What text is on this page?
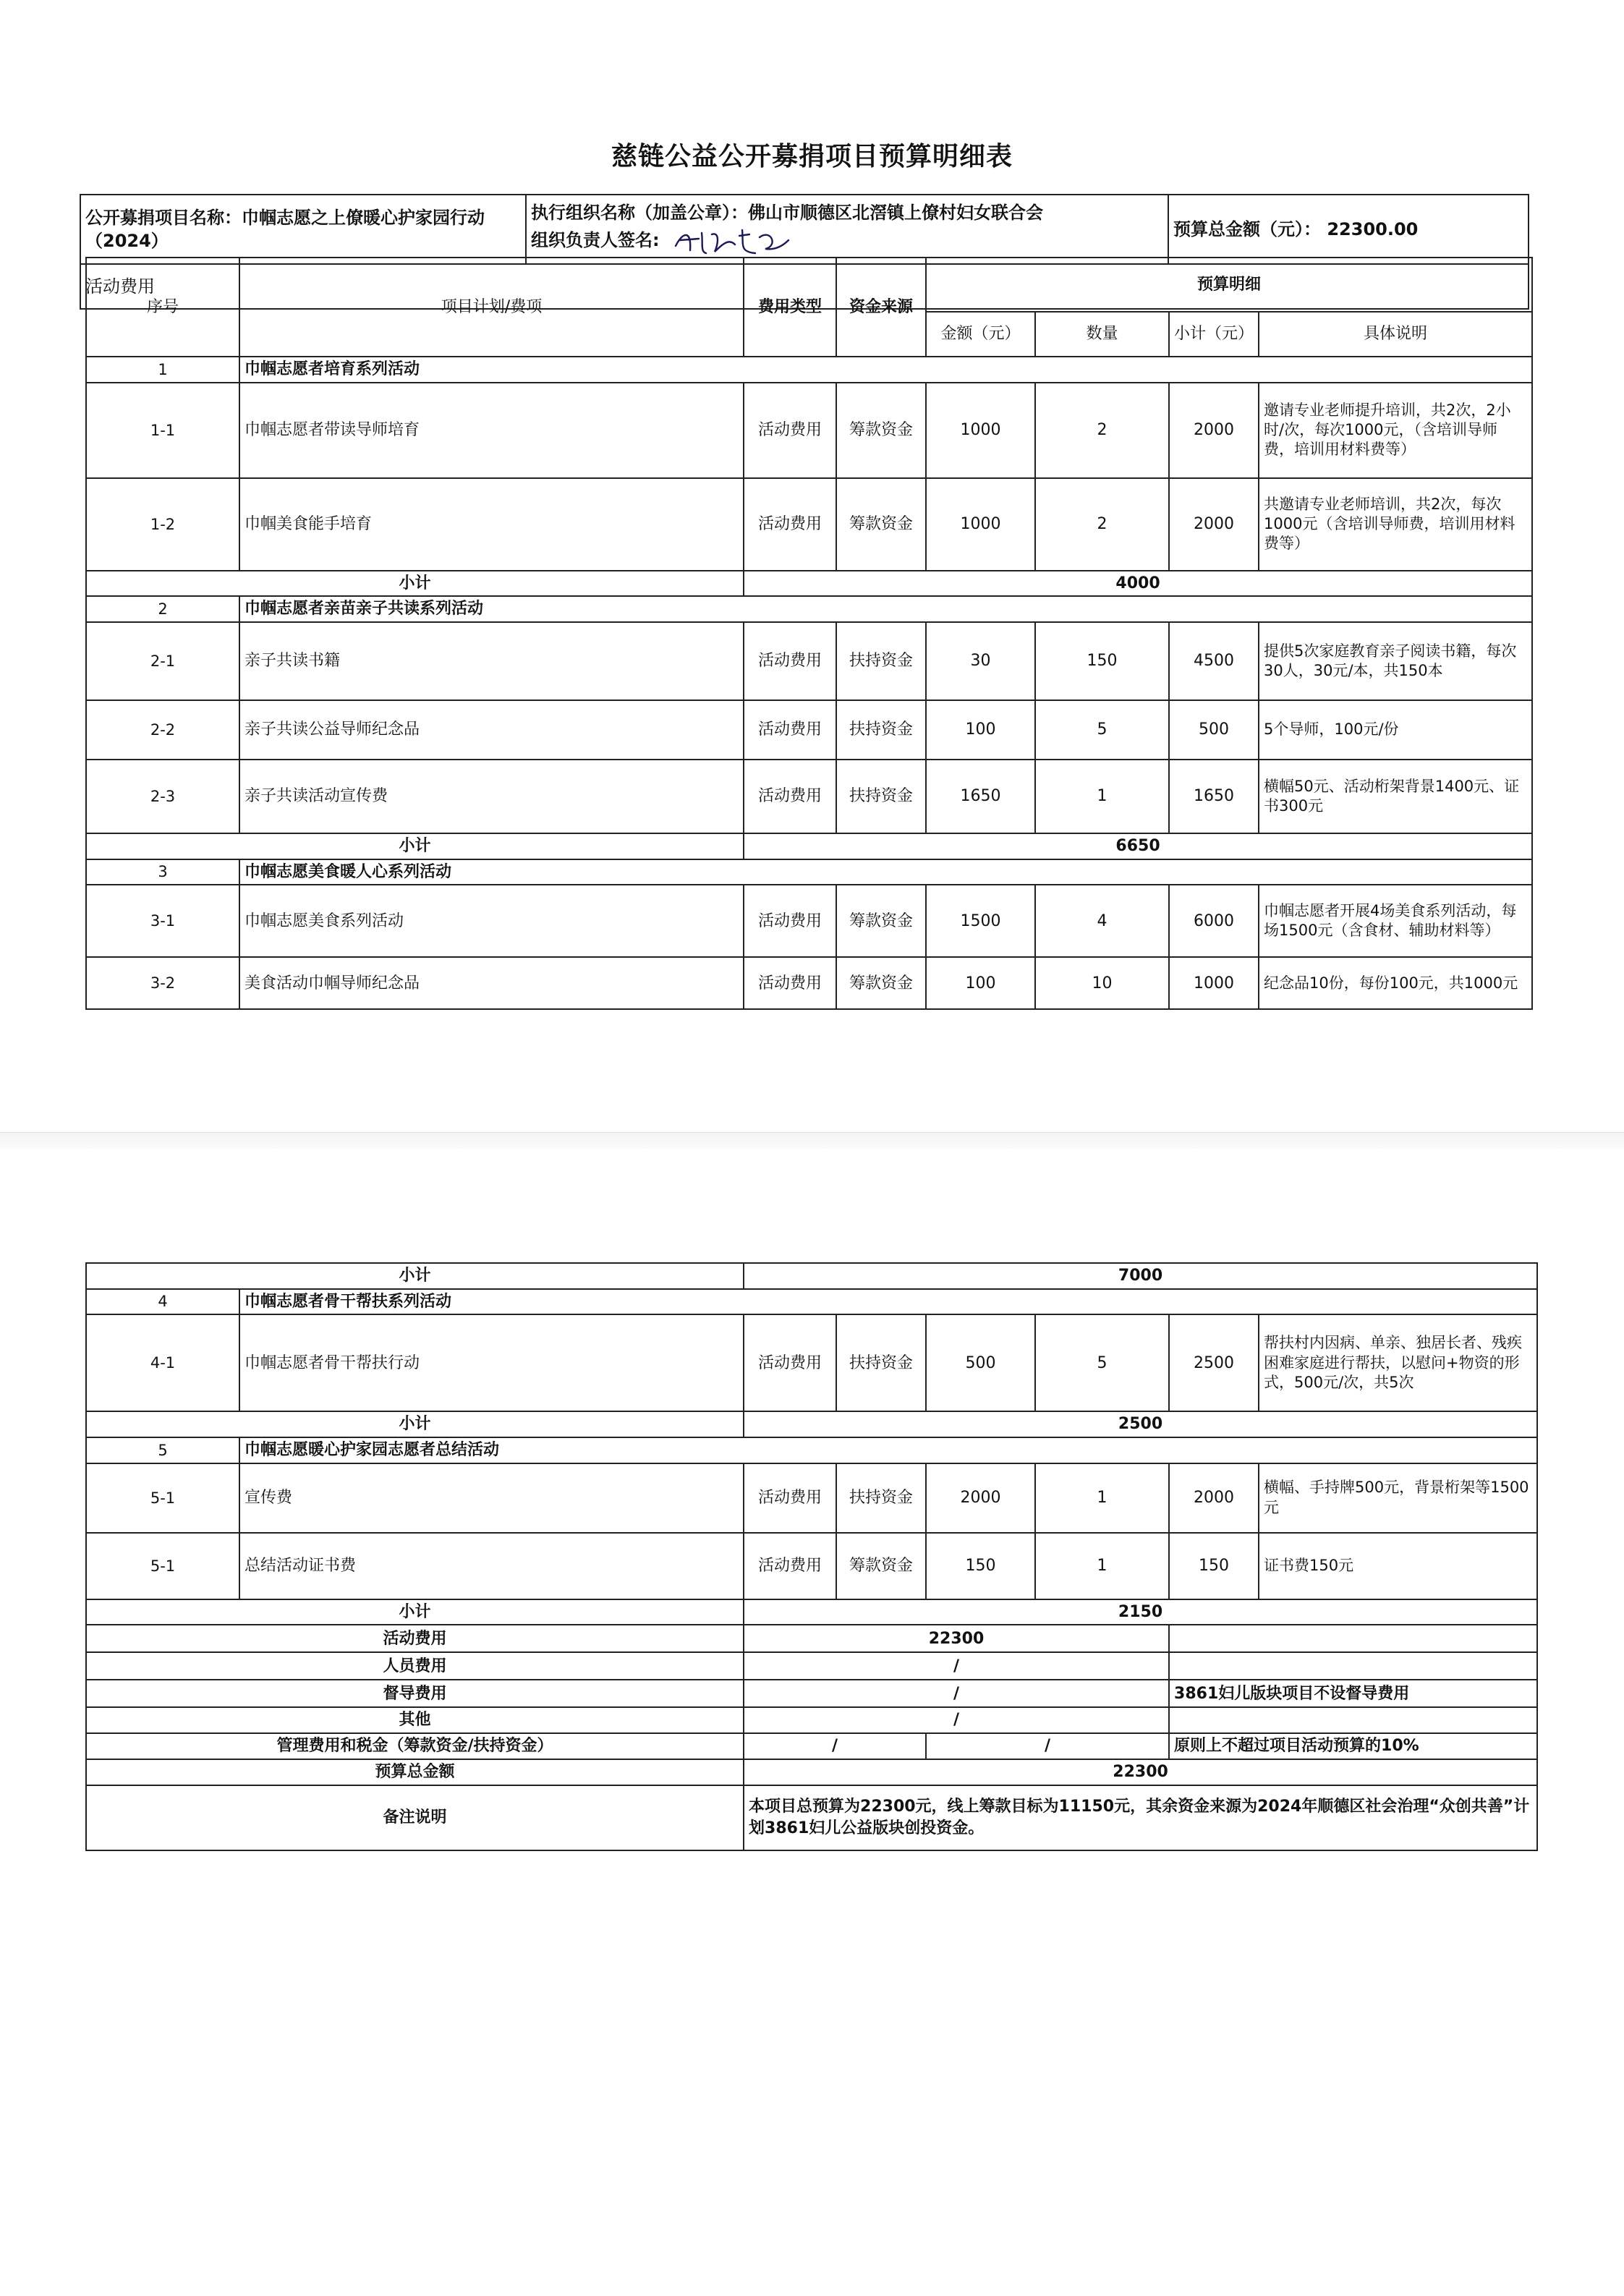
慈链公益公开募捐项目预算明细表
公开募捐项目名称：巾帼志愿之上僚暖心护家园行动（2024）	
执行组织名称（加盖公章）：佛山市顺德区北滘镇上僚村妇女联合会
组织负责人签名:
	预算总金额（元）： 22300.00
活动费用
序号	项目计划/费项	费用类型	资金来源	预算明细			
				金额（元）	数量	小计（元）	具体说明
1	巾帼志愿者培育系列活动						
1-1	巾帼志愿者带读导师培育	活动费用	筹款资金	1000	2	2000	邀请专业老师提升培训，共2次，2小时/次，每次1000元，（含培训导师费，培训用材料费等）
1-2	巾帼美食能手培育	活动费用	筹款资金	1000	2	2000	共邀请专业老师培训，共2次，每次1000元（含培训导师费，培训用材料费等）
小计		4000					
2	巾帼志愿者亲苗亲子共读系列活动						
2-1	亲子共读书籍	活动费用	扶持资金	30	150	4500	提供5次家庭教育亲子阅读书籍，每次30人，30元/本，共150本
2-2	亲子共读公益导师纪念品	活动费用	扶持资金	100	5	500	5个导师，100元/份
2-3	亲子共读活动宣传费	活动费用	扶持资金	1650	1	1650	横幅50元、活动桁架背景1400元、证书300元
小计		6650					
3	巾帼志愿美食暖人心系列活动						
3-1	巾帼志愿美食系列活动	活动费用	筹款资金	1500	4	6000	巾帼志愿者开展4场美食系列活动，每场1500元（含食材、辅助材料等）
3-2	美食活动巾帼导师纪念品	活动费用	筹款资金	100	10	1000	纪念品10份，每份100元，共1000元
小计		7000					
4	巾帼志愿者骨干帮扶系列活动						
4-1	巾帼志愿者骨干帮扶行动	活动费用	扶持资金	500	5	2500	帮扶村内因病、单亲、独居长者、残疾困难家庭进行帮扶，以慰问+物资的形式，500元/次，共5次
小计		2500					
5	巾帼志愿暖心护家园志愿者总结活动						
5-1	宣传费	活动费用	扶持资金	2000	1	2000	横幅、手持牌500元，背景桁架等1500元
5-1	总结活动证书费	活动费用	筹款资金	150	1	150	证书费150元
小计		2150					
活动费用		22300					
人员费用		/					
督导费用		/				3861妇儿版块项目不设督导费用	
其他		/					
管理费用和税金（筹款资金/扶持资金）		/		/		原则上不超过项目活动预算的10%	
预算总金额		22300					
备注说明		本项目总预算为22300元，线上筹款目标为11150元，其余资金来源为2024年顺德区社会治理“众创共善”计划3861妇儿公益版块创投资金。					
